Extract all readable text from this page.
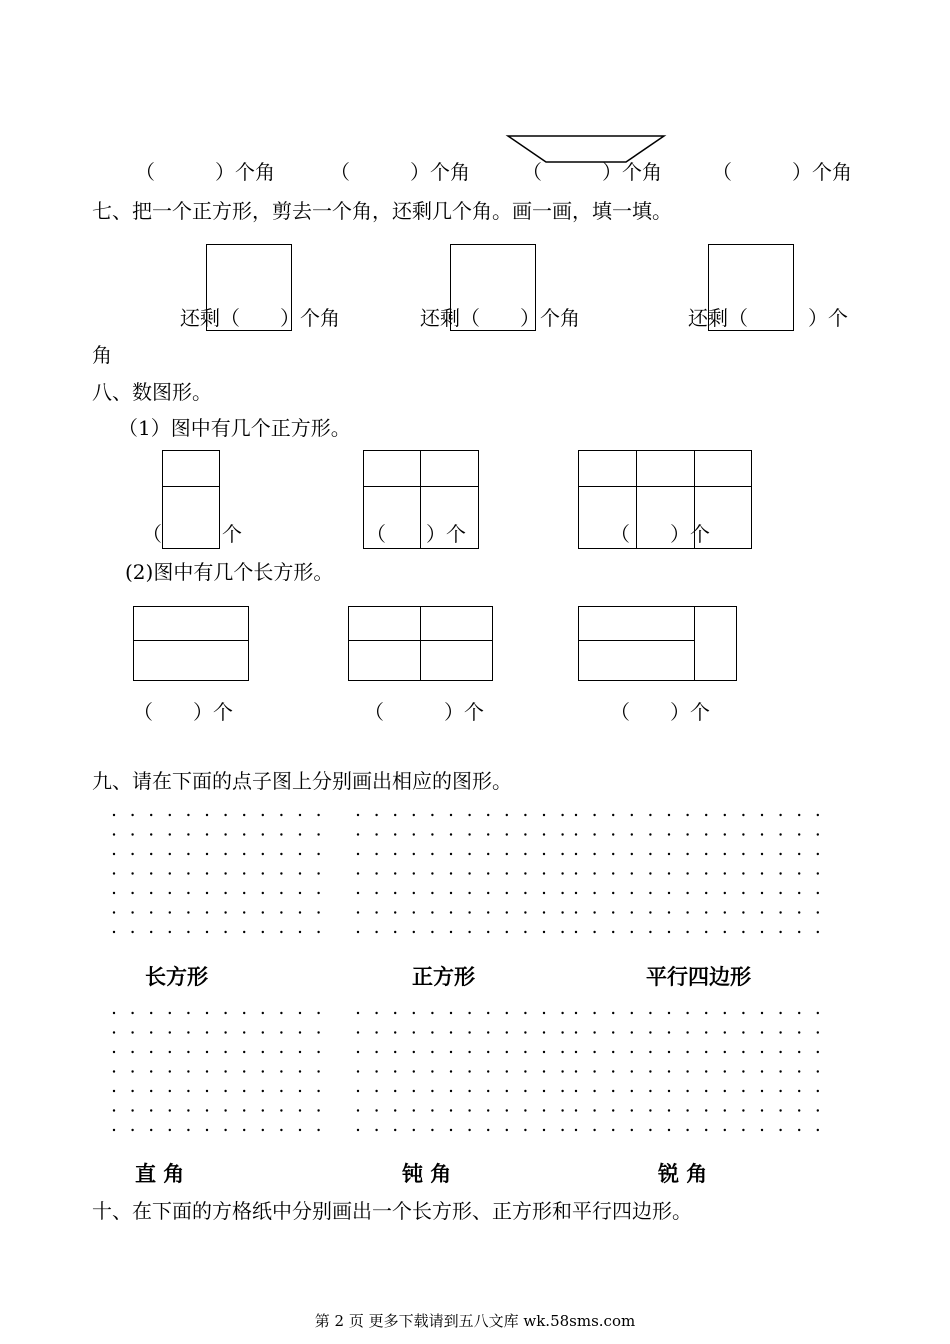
（　　　）个角	（　　　）个角	（　　　）个角	（　　　）个角
七、把一个正方形，剪去一个角，还剩几个角。画一画，填一填。
还剩（　　）个角	还剩（　　）个角	还剩（　　　）个
角
八、数图形。
（1）图中有几个正方形。
（　　　个	（　　）个	（　　）个
(2)图中有几个长方形。
（　　）个	（　　　）个	（　　）个
九、请在下面的点子图上分别画出相应的图形。
长方形	正方形	平行四边形
直 角	钝 角	锐 角
十、在下面的方格纸中分别画出一个长方形、正方形和平行四边形。
第 2 页 更多下载请到五八文库 wk.58sms.com
